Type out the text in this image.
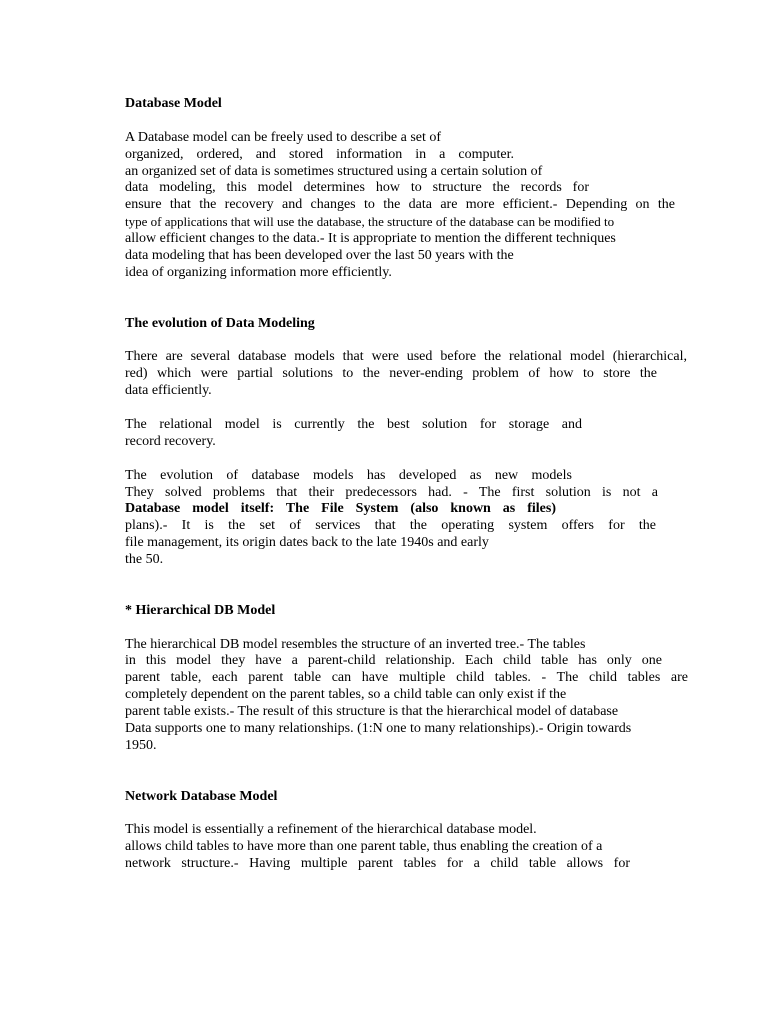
Database Model
A Database model can be freely used to describe a set of
organized, ordered, and stored information in a computer.
an organized set of data is sometimes structured using a certain solution of
data modeling, this model determines how to structure the records for
ensure that the recovery and changes to the data are more efficient.- Depending on the
type of applications that will use the database, the structure of the database can be modified to
allow efficient changes to the data.- It is appropriate to mention the different techniques
data modeling that has been developed over the last 50 years with the
idea of organizing information more efficiently.
The evolution of Data Modeling
There are several database models that were used before the relational model (hierarchical,
red) which were partial solutions to the never-ending problem of how to store the
data efficiently.
The relational model is currently the best solution for storage and
record recovery.
The evolution of database models has developed as new models
They solved problems that their predecessors had. - The first solution is not a
Database model itself: The File System (also known as files)
plans).- It is the set of services that the operating system offers for the
file management, its origin dates back to the late 1940s and early
the 50.
* Hierarchical DB Model
The hierarchical DB model resembles the structure of an inverted tree.- The tables
in this model they have a parent-child relationship. Each child table has only one
parent table, each parent table can have multiple child tables. - The child tables are
completely dependent on the parent tables, so a child table can only exist if the
parent table exists.- The result of this structure is that the hierarchical model of database
Data supports one to many relationships. (1:N one to many relationships).- Origin towards
1950.
Network Database Model
This model is essentially a refinement of the hierarchical database model.
allows child tables to have more than one parent table, thus enabling the creation of a
network structure.- Having multiple parent tables for a child table allows for
